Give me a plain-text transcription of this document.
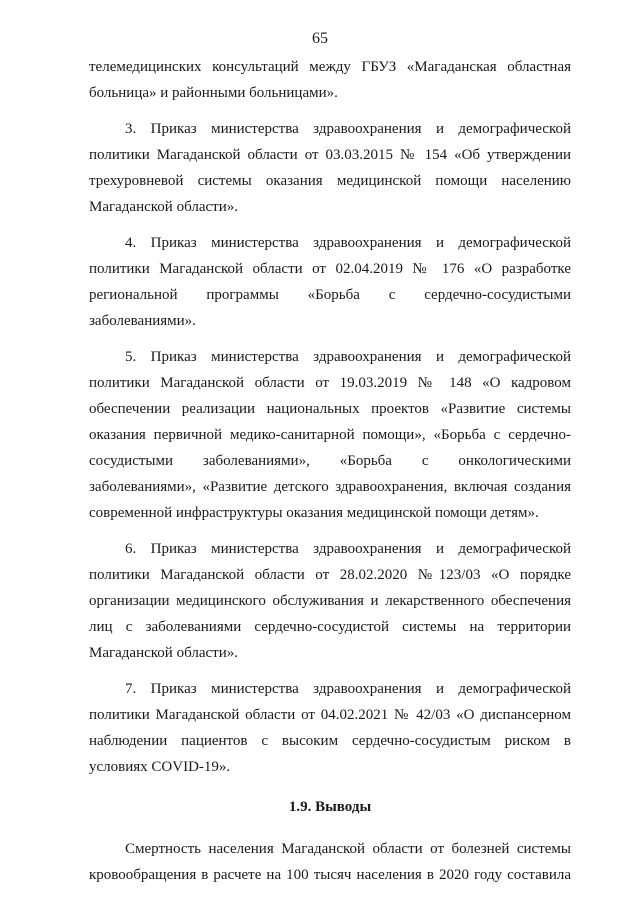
65

телемедицинских консультаций между ГБУЗ «Магаданская областная
больница» и районными больницами».

3. Приказ министерства здравоохранения и демографической
политики Магаданской области от 03.03.2015 № 154 «Об утверждении
трехуровневой системы оказания медицинской помощи населению
Магаданской области».

4. Приказ министерства здравоохранения и демографической
политики Магаданской области от 02.04.2019 № 176 «О разработке
региональной программы «Борьба с сердечно-сосудистыми
заболеваниями».

5. Приказ министерства здравоохранения и демографической
политики Магаданской области от 19.03.2019 № 148 «О кадровом
обеспечении реализации национальных проектов «Развитие системы
оказания первичной медико-санитарной помощи», «Борьба с сердечно-
сосудистыми заболеваниями», «Борьба с онкологическими
заболеваниями», «Развитие детского здравоохранения, включая создания
современной инфраструктуры оказания медицинской помощи детям».

6. Приказ министерства здравоохранения и демографической
политики Магаданской области от 28.02.2020 №123/03 «О порядке
организации медицинского обслуживания и лекарственного обеспечения
лиц с заболеваниями сердечно-сосудистой системы на территории
Магаданской области».

7. Приказ министерства здравоохранения и демографической
политики Магаданской области от 04.02.2021 № 42/03 «О диспансерном
наблюдении пациентов с высоким сердечно-сосудистым риском в
условиях COVID-19».

1.9. Выводы

Смертность населения Магаданской области от болезней системы
кровообращения в расчете на 100 тысяч населения в 2020 году составила
